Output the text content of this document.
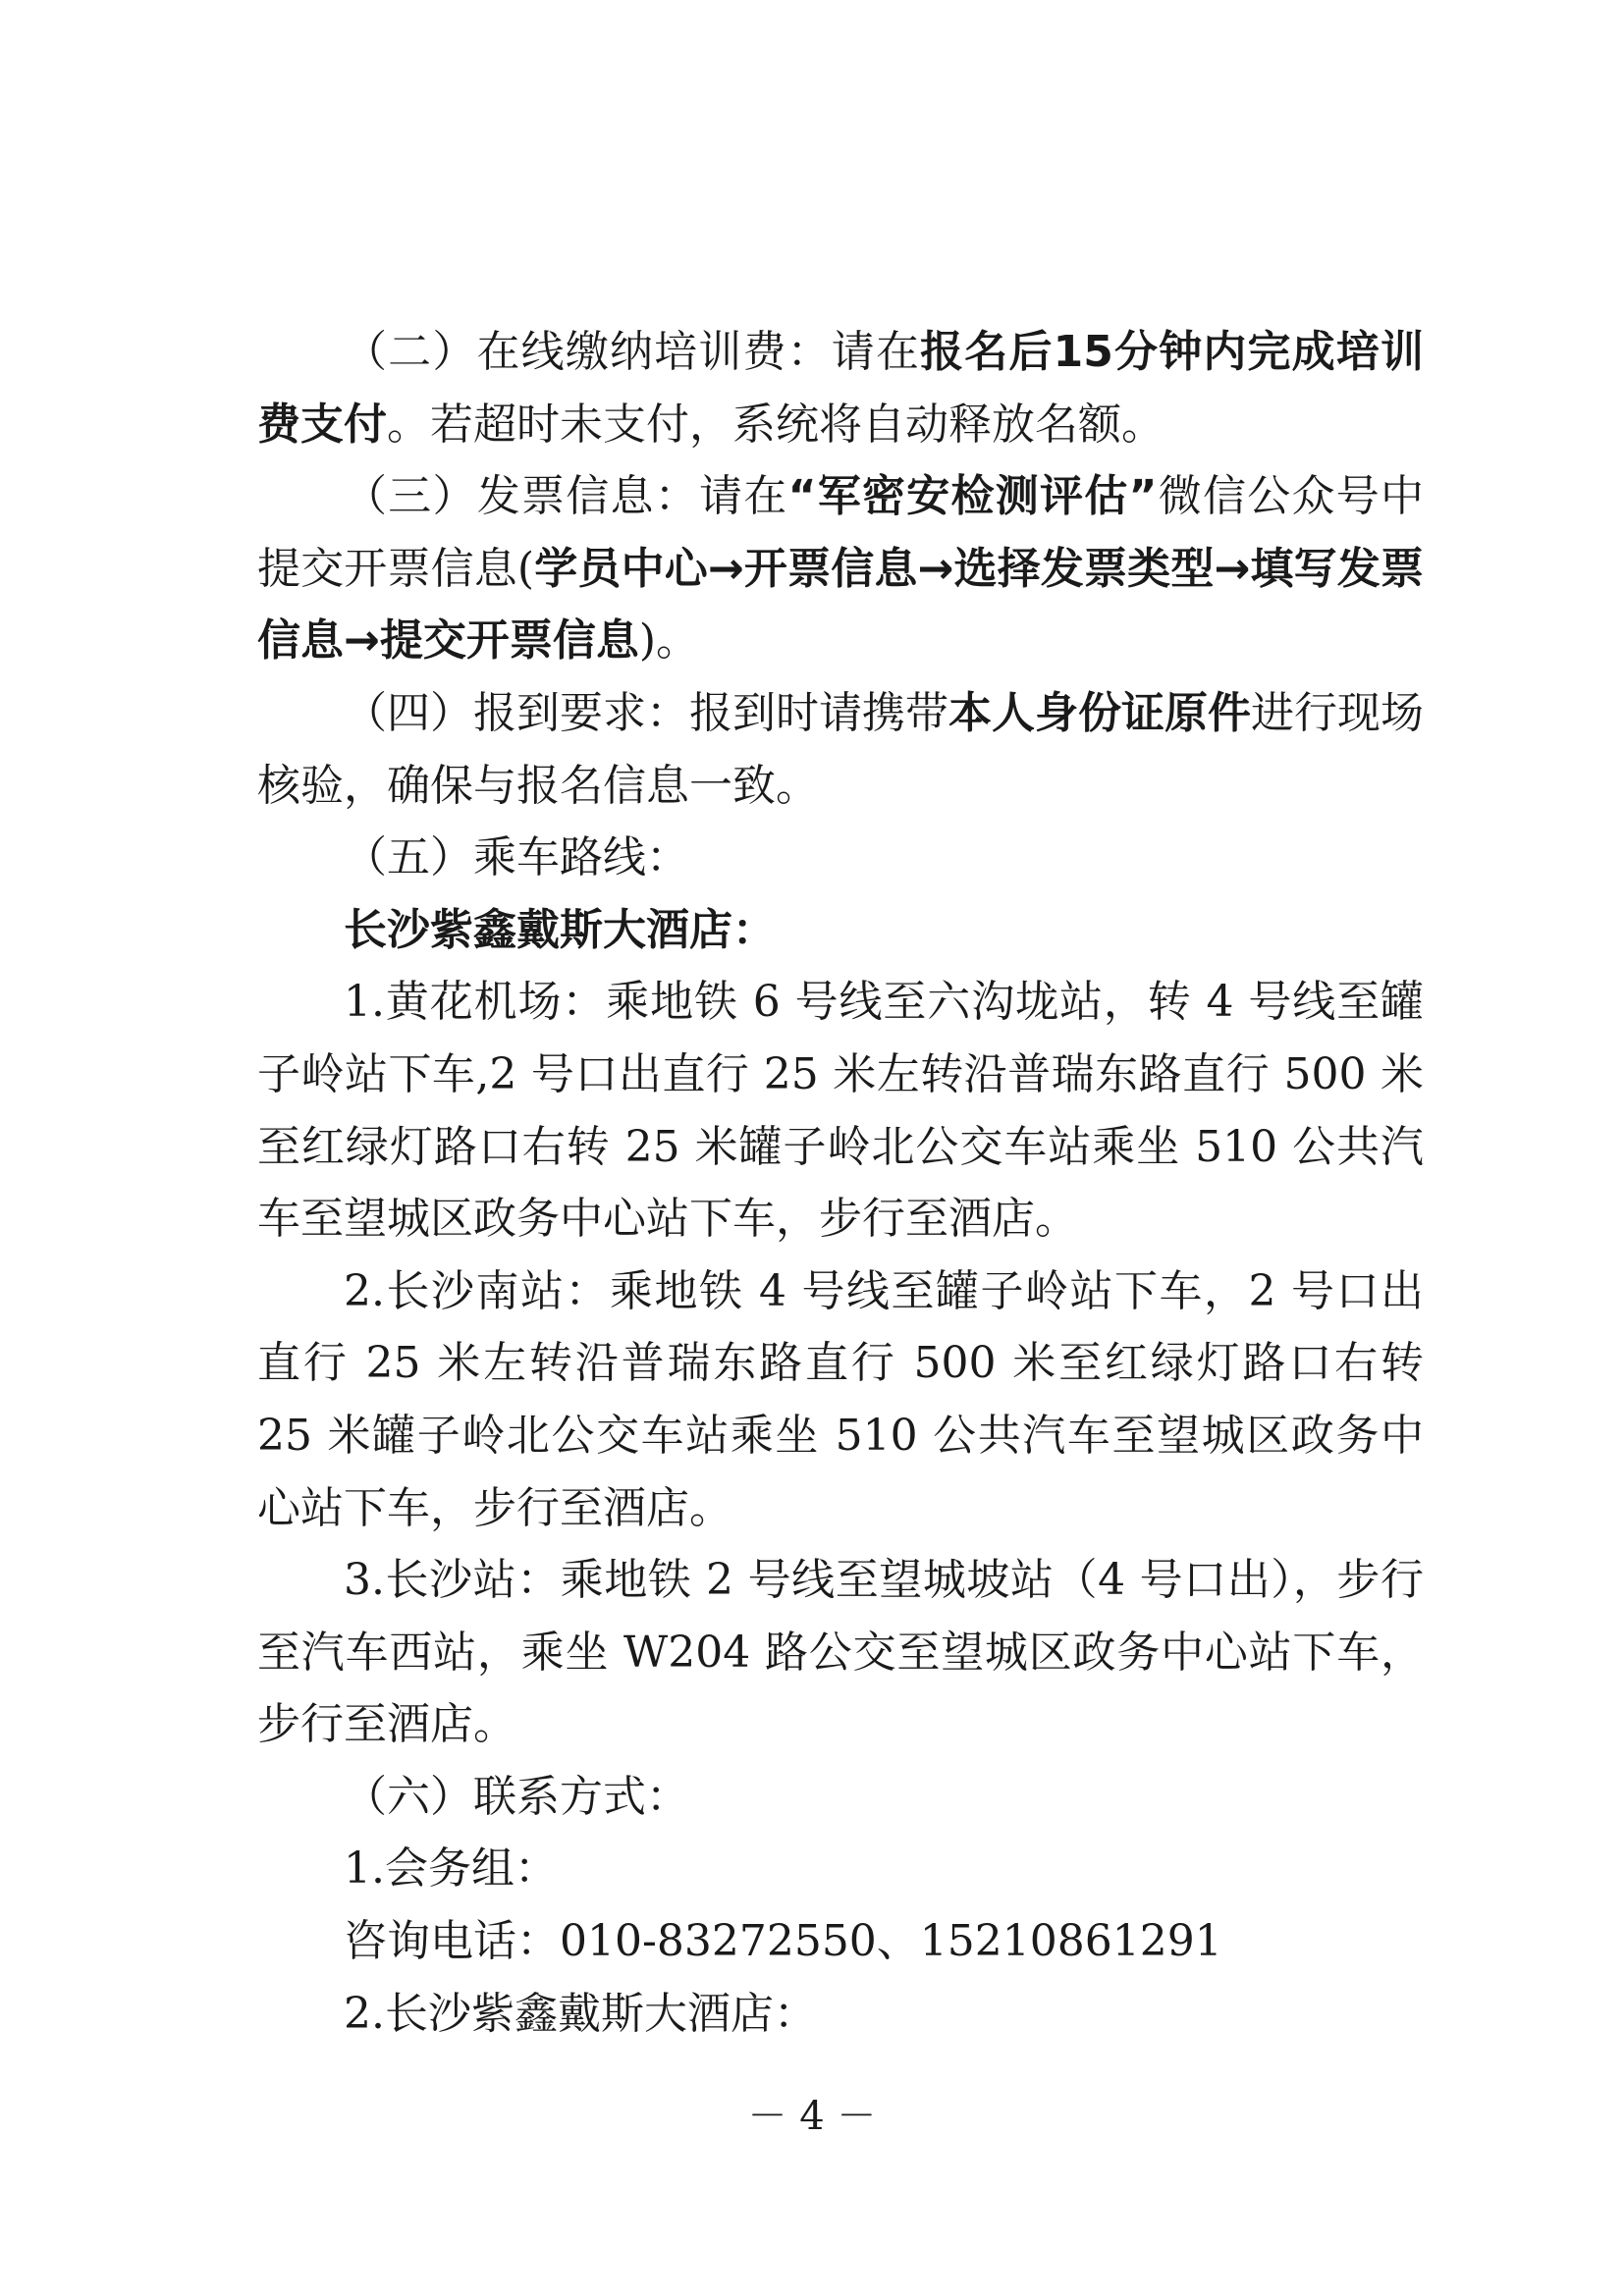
（二）在线缴纳培训费：请在报名后15分钟内完成培训费支付。若超时未支付，系统将自动释放名额。

（三）发票信息：请在“军密安检测评估”微信公众号中提交开票信息(学员中心→开票信息→选择发票类型→填写发票信息→提交开票信息)。

（四）报到要求：报到时请携带本人身份证原件进行现场核验，确保与报名信息一致。

（五）乘车路线：

长沙紫鑫戴斯大酒店：

1.黄花机场：乘地铁 6 号线至六沟垅站，转 4 号线至罐子岭站下车,2 号口出直行 25 米左转沿普瑞东路直行 500 米至红绿灯路口右转 25 米罐子岭北公交车站乘坐 510 公共汽车至望城区政务中心站下车，步行至酒店。

2.长沙南站：乘地铁 4 号线至罐子岭站下车，2 号口出直行 25 米左转沿普瑞东路直行 500 米至红绿灯路口右转 25 米罐子岭北公交车站乘坐 510 公共汽车至望城区政务中心站下车，步行至酒店。

3.长沙站：乘地铁 2 号线至望城坡站（4 号口出），步行至汽车西站，乘坐 W204 路公交至望城区政务中心站下车，步行至酒店。

（六）联系方式：

1.会务组：

咨询电话：010-83272550、15210861291

2.长沙紫鑫戴斯大酒店：

－ 4 －
